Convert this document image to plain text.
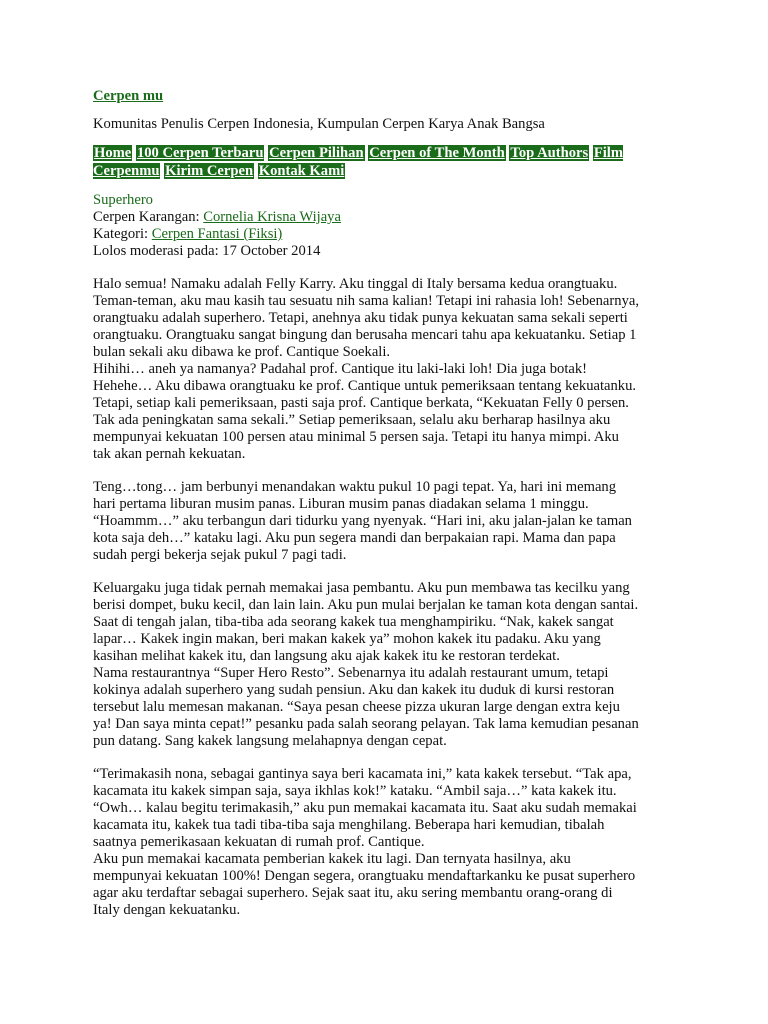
Cerpen mu
Komunitas Penulis Cerpen Indonesia, Kumpulan Cerpen Karya Anak Bangsa
Home 100 Cerpen Terbaru Cerpen Pilihan Cerpen of The Month Top Authors Film Cerpenmu Kirim Cerpen Kontak Kami
Superhero
Cerpen Karangan: Cornelia Krisna Wijaya
Kategori: Cerpen Fantasi (Fiksi)
Lolos moderasi pada: 17 October 2014

Halo semua! Namaku adalah Felly Karry. Aku tinggal di Italy bersama kedua orangtuaku.
Teman-teman, aku mau kasih tau sesuatu nih sama kalian! Tetapi ini rahasia loh! Sebenarnya,
orangtuaku adalah superhero. Tetapi, anehnya aku tidak punya kekuatan sama sekali seperti
orangtuaku. Orangtuaku sangat bingung dan berusaha mencari tahu apa kekuatanku. Setiap 1
bulan sekali aku dibawa ke prof. Cantique Soekali.
Hihihi… aneh ya namanya? Padahal prof. Cantique itu laki-laki loh! Dia juga botak!
Hehehe… Aku dibawa orangtuaku ke prof. Cantique untuk pemeriksaan tentang kekuatanku.
Tetapi, setiap kali pemeriksaan, pasti saja prof. Cantique berkata, “Kekuatan Felly 0 persen.
Tak ada peningkatan sama sekali.” Setiap pemeriksaan, selalu aku berharap hasilnya aku
mempunyai kekuatan 100 persen atau minimal 5 persen saja. Tetapi itu hanya mimpi. Aku
tak akan pernah kekuatan.

Teng…tong… jam berbunyi menandakan waktu pukul 10 pagi tepat. Ya, hari ini memang
hari pertama liburan musim panas. Liburan musim panas diadakan selama 1 minggu.
“Hoammm…” aku terbangun dari tidurku yang nyenyak. “Hari ini, aku jalan-jalan ke taman
kota saja deh…” kataku lagi. Aku pun segera mandi dan berpakaian rapi. Mama dan papa
sudah pergi bekerja sejak pukul 7 pagi tadi.

Keluargaku juga tidak pernah memakai jasa pembantu. Aku pun membawa tas kecilku yang
berisi dompet, buku kecil, dan lain lain. Aku pun mulai berjalan ke taman kota dengan santai.
Saat di tengah jalan, tiba-tiba ada seorang kakek tua menghampiriku. “Nak, kakek sangat
lapar… Kakek ingin makan, beri makan kakek ya” mohon kakek itu padaku. Aku yang
kasihan melihat kakek itu, dan langsung aku ajak kakek itu ke restoran terdekat.
Nama restaurantnya “Super Hero Resto”. Sebenarnya itu adalah restaurant umum, tetapi
kokinya adalah superhero yang sudah pensiun. Aku dan kakek itu duduk di kursi restoran
tersebut lalu memesan makanan. “Saya pesan cheese pizza ukuran large dengan extra keju
ya! Dan saya minta cepat!” pesanku pada salah seorang pelayan. Tak lama kemudian pesanan
pun datang. Sang kakek langsung melahapnya dengan cepat.

“Terimakasih nona, sebagai gantinya saya beri kacamata ini,” kata kakek tersebut. “Tak apa,
kacamata itu kakek simpan saja, saya ikhlas kok!” kataku. “Ambil saja…” kata kakek itu.
“Owh… kalau begitu terimakasih,” aku pun memakai kacamata itu. Saat aku sudah memakai
kacamata itu, kakek tua tadi tiba-tiba saja menghilang. Beberapa hari kemudian, tibalah
saatnya pemerikasaan kekuatan di rumah prof. Cantique.
Aku pun memakai kacamata pemberian kakek itu lagi. Dan ternyata hasilnya, aku
mempunyai kekuatan 100%! Dengan segera, orangtuaku mendaftarkanku ke pusat superhero
agar aku terdaftar sebagai superhero. Sejak saat itu, aku sering membantu orang-orang di
Italy dengan kekuatanku.
